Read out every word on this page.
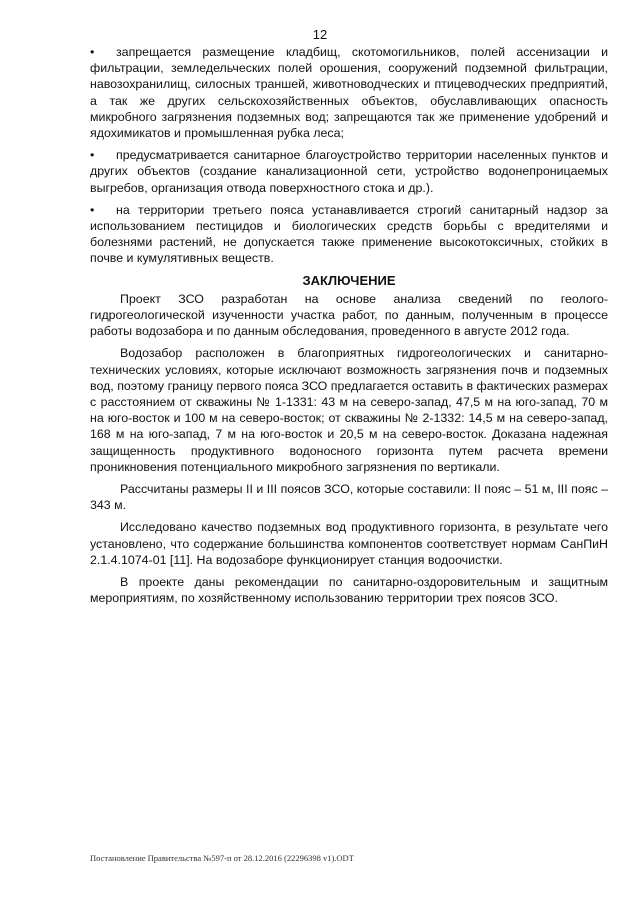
12
•	запрещается размещение кладбищ, скотомогильников, полей ассенизации и фильтрации, земледельческих полей орошения, сооружений подземной фильтрации, навозохранилищ, силосных траншей, животноводческих и птицеводческих предприятий, а так же других сельскохозяйственных объектов, обуславливающих опасность микробного загрязнения подземных вод; запрещаются так же применение удобрений и ядохимикатов и промышленная рубка леса;
•	предусматривается санитарное благоустройство территории населенных пунктов и других объектов (создание канализационной сети, устройство водонепроницаемых выгребов, организация отвода поверхностного стока и др.).
•	на территории третьего пояса устанавливается строгий санитарный надзор за использованием пестицидов и биологических средств борьбы с вредителями и болезнями растений, не допускается также применение высокотоксичных, стойких в почве и кумулятивных веществ.
ЗАКЛЮЧЕНИЕ

Проект ЗСО разработан на основе анализа сведений по геолого-гидрогеологической изученности участка работ, по данным, полученным в процессе работы водозабора и по данным обследования, проведенного в августе 2012 года.

Водозабор расположен в благоприятных гидрогеологических и санитарно-технических условиях, которые исключают возможность загрязнения почв и подземных вод, поэтому границу первого пояса ЗСО предлагается оставить в фактических размерах с расстоянием от скважины № 1-1331: 43 м на северо-запад, 47,5 м на юго-запад, 70 м на юго-восток и 100 м на северо-восток; от скважины № 2-1332: 14,5 м на северо-запад, 168 м на юго-запад, 7 м на юго-восток и 20,5 м на северо-восток. Доказана надежная защищенность продуктивного водоносного горизонта путем расчета времени проникновения потенциального микробного загрязнения по вертикали.

Рассчитаны размеры II и III поясов ЗСО, которые составили: II пояс – 51 м, III пояс – 343 м.

Исследовано качество подземных вод продуктивного горизонта, в результате чего установлено, что содержание большинства компонентов соответствует нормам СанПиН 2.1.4.1074-01 [11]. На водозаборе функционирует станция водоочистки.

В проекте даны рекомендации по санитарно-оздоровительным и защитным мероприятиям, по хозяйственному использованию территории трех поясов ЗСО.

Постановление Правительства №597-п от 28.12.2016 (22296398 v1).ODT
